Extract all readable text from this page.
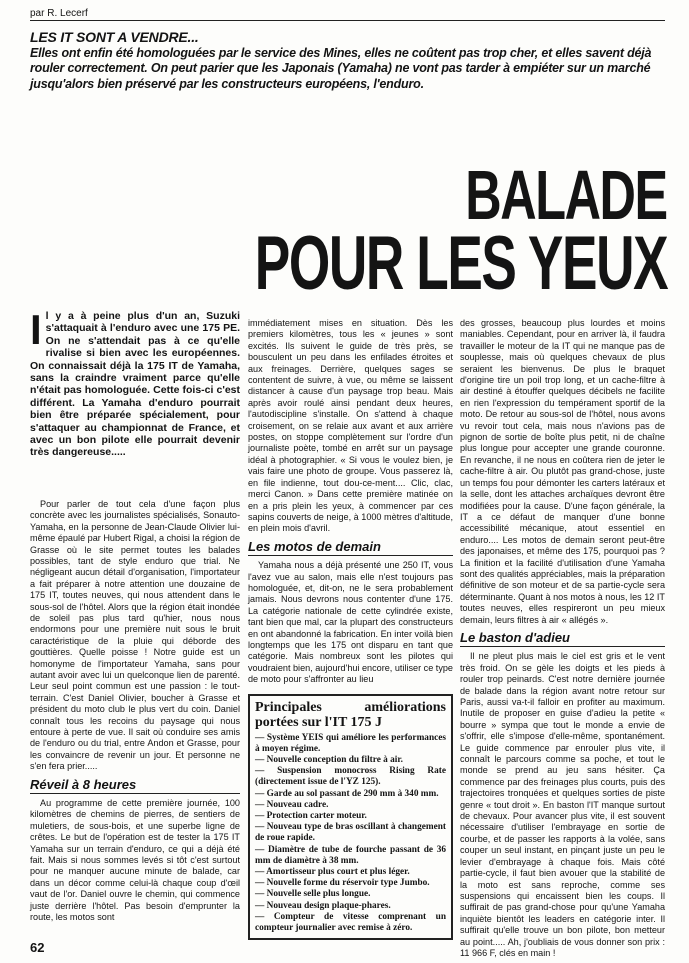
par R. Lecerf
LES IT SONT A VENDRE...
Elles ont enfin été homologuées par le service des Mines, elles ne coûtent pas trop cher, et elles savent déjà rouler correctement. On peut parier que les Japonais (Yamaha) ne vont pas tarder à empiéter sur un marché jusqu'alors bien préservé par les constructeurs européens, l'enduro.
BALADE
POUR LES YEUX
Il y a à peine plus d'un an, Suzuki s'attaquait à l'enduro avec une 175 PE. On ne s'attendait pas à ce qu'elle rivalise si bien avec les européennes. On connaissait déjà la 175 IT de Yamaha, sans la craindre vraiment parce qu'elle n'était pas homologuée. Cette fois-ci c'est différent. La Yamaha d'enduro pourrait bien être préparée spécialement, pour s'attaquer au championnat de France, et avec un bon pilote elle pourrait devenir très dangereuse.....

Pour parler de tout cela d'une façon plus concrète avec les journalistes spécialisés, Sonauto-Yamaha, en la personne de Jean-Claude Olivier lui-même épaulé par Hubert Rigal, a choisi la région de Grasse où le site permet toutes les balades possibles, tant de style enduro que trial. Ne négligeant aucun détail d'organisation, l'importateur a fait préparer à notre attention une douzaine de 175 IT, toutes neuves, qui nous attendent dans le sous-sol de l'hôtel. Alors que la région était inondée de soleil pas plus tard qu'hier, nous nous endormons pour une première nuit sous le bruit caractéristique de la pluie qui déborde des gouttières. Quelle poisse ! Notre guide est un homonyme de l'importateur Yamaha, sans pour autant avoir avec lui un quelconque lien de parenté. Leur seul point commun est une passion : le tout-terrain. C'est Daniel Olivier, boucher à Grasse et président du moto club le plus vert du coin. Daniel connaît tous les recoins du paysage qui nous entoure à perte de vue. Il sait où conduire ses amis de l'enduro ou du trial, entre Andon et Grasse, pour les convaincre de revenir un jour. Et personne ne s'en fera prier.....

Réveil à 8 heures

Au programme de cette première journée, 100 kilomètres de chemins de pierres, de sentiers de muletiers, de sous-bois, et une superbe ligne de crêtes. Le but de l'opération est de tester la 175 IT Yamaha sur un terrain d'enduro, ce qui a déjà été fait. Mais si nous sommes levés si tôt c'est surtout pour ne manquer aucune minute de balade, car dans un décor comme celui-là chaque coup d'œil vaut de l'or. Daniel ouvre le chemin, qui commence juste derrière l'hôtel. Pas besoin d'emprunter la route, les motos sont

immédiatement mises en situation. Dès les premiers kilomètres, tous les « jeunes » sont excités. Ils suivent le guide de très près, se bousculent un peu dans les enfilades étroites et aux freinages. Derrière, quelques sages se contentent de suivre, à vue, ou même se laissent distancer à cause d'un paysage trop beau. Mais après avoir roulé ainsi pendant deux heures, l'autodiscipline s'installe. On s'attend à chaque croisement, on se relaie aux avant et aux arrière postes, on stoppe complètement sur l'ordre d'un journaliste poète, tombé en arrêt sur un paysage idéal à photographier. « Si vous le voulez bien, je vais faire une photo de groupe. Vous passerez là, en file indienne, tout dou-ce-ment.... Clic, clac, merci Canon. » Dans cette première matinée on en a pris plein les yeux, à commencer par ces sapins couverts de neige, à 1000 mètres d'altitude, en plein mois d'avril.

Les motos de demain

Yamaha nous a déjà présenté une 250 IT, vous l'avez vue au salon, mais elle n'est toujours pas homologuée, et, dit-on, ne le sera probablement jamais. Nous devrons nous contenter d'une 175. La catégorie nationale de cette cylindrée existe, tant bien que mal, car la plupart des constructeurs en ont abandonné la fabrication. En inter voilà bien longtemps que les 175 ont disparu en tant que catégorie. Mais nombreux sont les pilotes qui voudraient bien, aujourd'hui encore, utiliser ce type de moto pour s'affronter au lieu

Principales améliorations portées sur l'IT 175 J
— Système YEIS qui améliore les performances à moyen régime.
— Nouvelle conception du filtre à air.
— Suspension monocross Rising Rate (directement issue de l'YZ 125).
— Garde au sol passant de 290 mm à 340 mm.
— Nouveau cadre.
— Protection carter moteur.
— Nouveau type de bras oscillant à changement de roue rapide.
— Diamètre de tube de fourche passant de 36 mm de diamètre à 38 mm.
— Amortisseur plus court et plus léger.
— Nouvelle forme du réservoir type Jumbo.
— Nouvelle selle plus longue.
— Nouveau design plaque-phares.
— Compteur de vitesse comprenant un compteur journalier avec remise à zéro.

des grosses, beaucoup plus lourdes et moins maniables. Cependant, pour en arriver là, il faudra travailler le moteur de la IT qui ne manque pas de souplesse, mais où quelques chevaux de plus seraient les bienvenus. De plus le braquet d'origine tire un poil trop long, et un cache-filtre à air destiné à étouffer quelques décibels ne facilite en rien l'expression du tempérament sportif de la moto. De retour au sous-sol de l'hôtel, nous avons vu revoir tout cela, mais nous n'avions pas de pignon de sortie de boîte plus petit, ni de chaîne plus longue pour accepter une grande couronne. En revanche, il ne nous en coûtera rien de jeter le cache-filtre à air. Ou plutôt pas grand-chose, juste un temps fou pour démonter les carters latéraux et la selle, dont les attaches archaïques devront être modifiées pour la cause. D'une façon générale, la IT a ce défaut de manquer d'une bonne accessibilité mécanique, atout essentiel en enduro.... Les motos de demain seront peut-être des japonaises, et même des 175, pourquoi pas ? La finition et la facilité d'utilisation d'une Yamaha sont des qualités appréciables, mais la préparation définitive de son moteur et de sa partie-cycle sera déterminante. Quant à nos motos à nous, les 12 IT toutes neuves, elles respireront un peu mieux demain, leurs filtres à air « allégés ».

Le baston d'adieu

Il ne pleut plus mais le ciel est gris et le vent très froid. On se gèle les doigts et les pieds à rouler trop peinards. C'est notre dernière journée de balade dans la région avant notre retour sur Paris, aussi va-t-il falloir en profiter au maximum. Inutile de proposer en guise d'adieu la petite « bourre » sympa que tout le monde a envie de s'offrir, elle s'impose d'elle-même, spontanément. Le guide commence par enrouler plus vite, il connaît le parcours comme sa poche, et tout le monde se prend au jeu sans hésiter. Ça commence par des freinages plus courts, puis des trajectoires tronquées et quelques sorties de piste genre « tout droit ». En baston l'IT manque surtout de chevaux. Pour avancer plus vite, il est souvent nécessaire d'utiliser l'embrayage en sortie de courbe, et de passer les rapports à la volée, sans couper un seul instant, en pinçant juste un peu le levier d'embrayage à chaque fois. Mais côté partie-cycle, il faut bien avouer que la stabilité de la moto est sans reproche, comme ses suspensions qui encaissent bien les coups. Il suffirait de pas grand-chose pour qu'une Yamaha inquiète bientôt les leaders en catégorie inter. Il suffirait qu'elle trouve un bon pilote, bon metteur au point..... Ah, j'oubliais de vous donner son prix : 11 966 F, clés en main !

62
